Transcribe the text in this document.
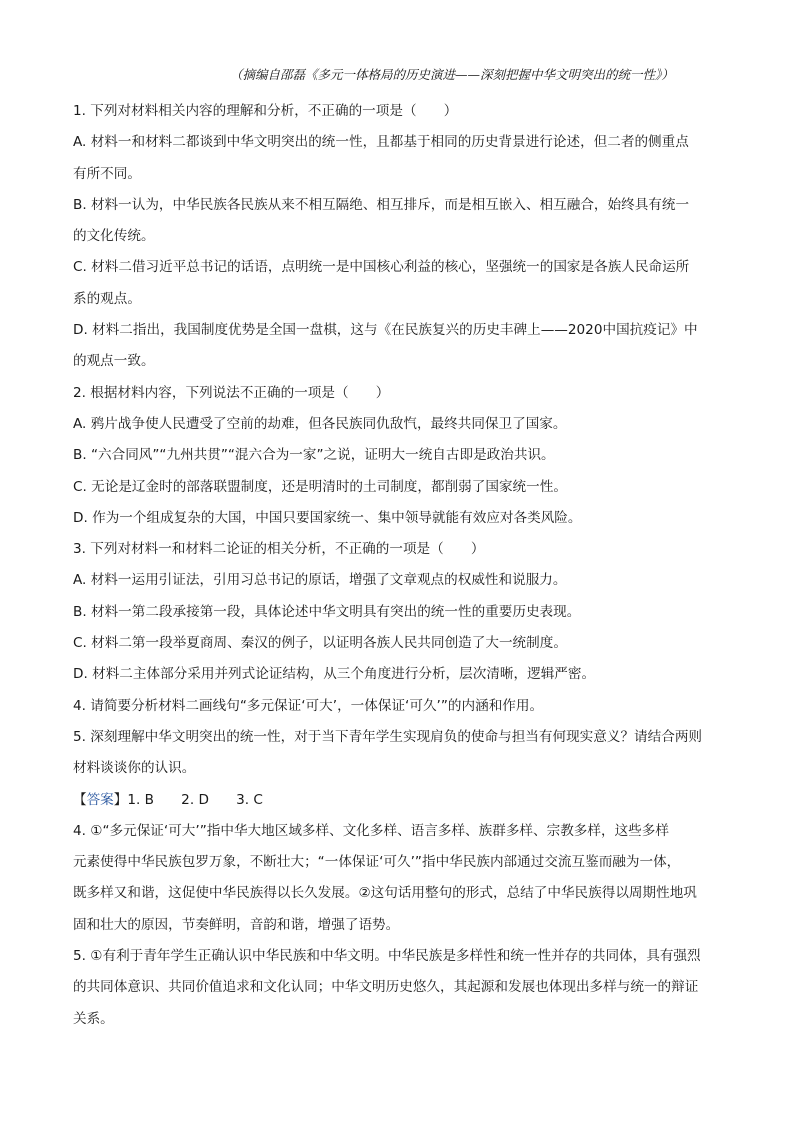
（摘编自邵磊《多元一体格局的历史演进——深刻把握中华文明突出的统一性》）
1. 下列对材料相关内容的理解和分析，不正确的一项是（　　）
A. 材料一和材料二都谈到中华文明突出的统一性，且都基于相同的历史背景进行论述，但二者的侧重点
有所不同。
B. 材料一认为，中华民族各民族从来不相互隔绝、相互排斥，而是相互嵌入、相互融合，始终具有统一
的文化传统。
C. 材料二借习近平总书记的话语，点明统一是中国核心利益的核心，坚强统一的国家是各族人民命运所
系的观点。
D. 材料二指出，我国制度优势是全国一盘棋，这与《在民族复兴的历史丰碑上——2020中国抗疫记》中
的观点一致。
2. 根据材料内容，下列说法不正确的一项是（　　）
A. 鸦片战争使人民遭受了空前的劫难，但各民族同仇敌忾，最终共同保卫了国家。
B. “六合同风”“九州共贯”“混六合为一家”之说，证明大一统自古即是政治共识。
C. 无论是辽金时的部落联盟制度，还是明清时的土司制度，都削弱了国家统一性。
D. 作为一个组成复杂的大国，中国只要国家统一、集中领导就能有效应对各类风险。
3. 下列对材料一和材料二论证的相关分析，不正确的一项是（　　）
A. 材料一运用引证法，引用习总书记的原话，增强了文章观点的权威性和说服力。
B. 材料一第二段承接第一段，具体论述中华文明具有突出的统一性的重要历史表现。
C. 材料二第一段举夏商周、秦汉的例子，以证明各族人民共同创造了大一统制度。
D. 材料二主体部分采用并列式论证结构，从三个角度进行分析，层次清晰，逻辑严密。
4. 请简要分析材料二画线句“多元保证‘可大’，一体保证‘可久’”的内涵和作用。
5. 深刻理解中华文明突出的统一性，对于当下青年学生实现肩负的使命与担当有何现实意义？请结合两则
材料谈谈你的认识。
【答案】1. B　　2. D　　3. C
4. ①“多元保证‘可大’”指中华大地区域多样、文化多样、语言多样、族群多样、宗教多样，这些多样
元素使得中华民族包罗万象，不断壮大；“一体保证‘可久’”指中华民族内部通过交流互鉴而融为一体，
既多样又和谐，这促使中华民族得以长久发展。②这句话用整句的形式，总结了中华民族得以周期性地巩
固和壮大的原因，节奏鲜明，音韵和谐，增强了语势。
5. ①有利于青年学生正确认识中华民族和中华文明。中华民族是多样性和统一性并存的共同体，具有强烈
的共同体意识、共同价值追求和文化认同；中华文明历史悠久，其起源和发展也体现出多样与统一的辩证
关系。
